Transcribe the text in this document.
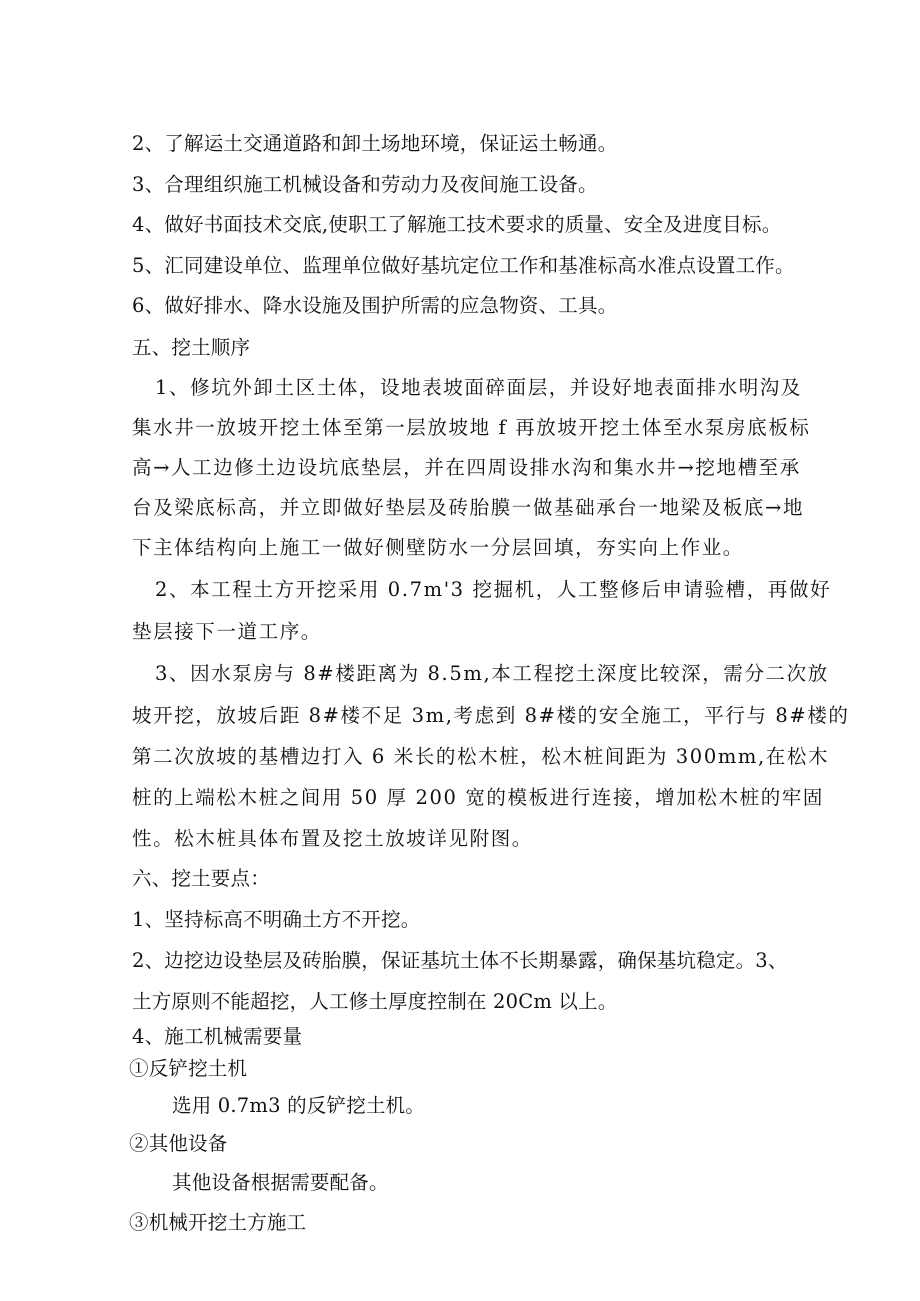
2、了解运土交通道路和卸土场地环境，保证运土畅通。
3、合理组织施工机械设备和劳动力及夜间施工设备。
4、做好书面技术交底,使职工了解施工技术要求的质量、安全及进度目标。
5、汇同建设单位、监理单位做好基坑定位工作和基准标高水准点设置工作。
6、做好排水、降水设施及围护所需的应急物资、工具。
五、挖土顺序
1、修坑外卸土区土体，设地表坡面碎面层，并设好地表面排水明沟及
集水井一放坡开挖土体至第一层放坡地 f 再放坡开挖土体至水泵房底板标
高→人工边修土边设坑底垫层，并在四周设排水沟和集水井→挖地槽至承
台及梁底标高，并立即做好垫层及砖胎膜一做基础承台一地梁及板底→地
下主体结构向上施工一做好侧壁防水一分层回填，夯实向上作业。
2、本工程土方开挖采用 0.7m'3 挖掘机，人工整修后申请验槽，再做好
垫层接下一道工序。
3、因水泵房与 8#楼距离为 8.5m,本工程挖土深度比较深，需分二次放
坡开挖，放坡后距 8#楼不足 3m,考虑到 8#楼的安全施工，平行与 8#楼的
第二次放坡的基槽边打入 6 米长的松木桩，松木桩间距为 300mm,在松木
桩的上端松木桩之间用 50 厚 200 宽的模板进行连接，增加松木桩的牢固
性。松木桩具体布置及挖土放坡详见附图。
六、挖土要点：
1、坚持标高不明确土方不开挖。
2、边挖边设垫层及砖胎膜，保证基坑土体不长期暴露，确保基坑稳定。3、
土方原则不能超挖，人工修土厚度控制在 20Cm 以上。
4、施工机械需要量
①反铲挖土机
选用 0.7m3 的反铲挖土机。
②其他设备
其他设备根据需要配备。
③机械开挖土方施工
